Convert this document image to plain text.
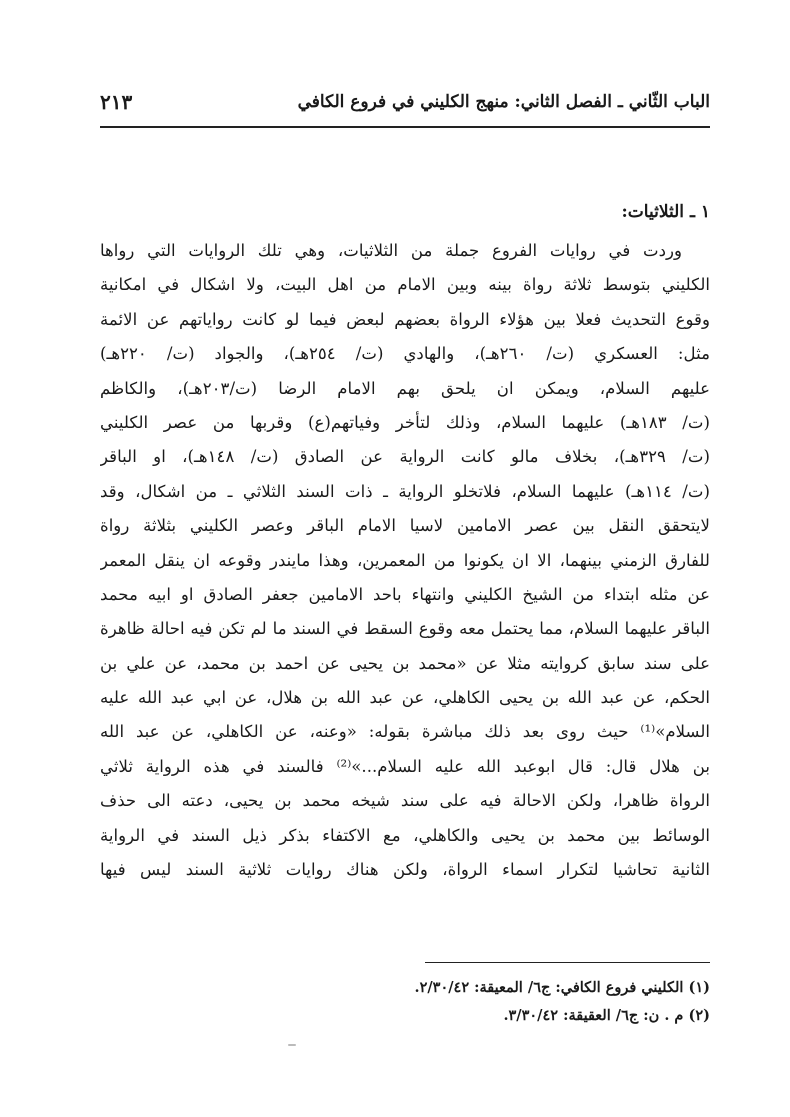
الباب الثّاني ـ الفصل الثاني: منهج الكليني في فروع الكافي
٢١٣
١ ـ الثلاثيات:
وردت في روايات الفروع جملة من الثلاثيات، وهي تلك الروايات التي رواها
الكليني بتوسط ثلاثة رواة بينه وبين الامام من اهل البيت، ولا اشكال في امكانية
وقوع التحديث فعلا بين هؤلاء الرواة بعضهم لبعض فيما لو كانت رواياتهم عن الائمة
مثل: العسكري (ت/ ٢٦٠هـ)، والهادي (ت/ ٢٥٤هـ)، والجواد (ت/ ٢٢٠هـ)
عليهم السلام، ويمكن ان يلحق بهم الامام الرضا (ت/٢٠٣هـ)، والكاظم
(ت/ ١٨٣هـ) عليهما السلام، وذلك لتأخر وفياتهم(ع) وقربها من عصر الكليني
(ت/ ٣٢٩هـ)، بخلاف مالو كانت الرواية عن الصادق (ت/ ١٤٨هـ)، او الباقر
(ت/ ١١٤هـ) عليهما السلام، فلاتخلو الرواية ـ ذات السند الثلاثي ـ من اشكال، وقد
لايتحقق النقل بين عصر الامامين لاسيا الامام الباقر وعصر الكليني بثلاثة رواة
للفارق الزمني بينهما، الا ان يكونوا من المعمرين، وهذا مايندر وقوعه ان ينقل المعمر
عن مثله ابتداء من الشيخ الكليني وانتهاء باحد الامامين جعفر الصادق او ابيه محمد
الباقر عليهما السلام، مما يحتمل معه وقوع السقط في السند ما لم تكن فيه احالة ظاهرة
على سند سابق كروايته مثلا عن «محمد بن يحيى عن احمد بن محمد، عن علي بن
الحكم، عن عبد الله بن يحيى الكاهلي، عن عبد الله بن هلال، عن ابي عبد الله عليه
السلام»⁽¹⁾ حيث روى بعد ذلك مباشرة بقوله: «وعنه، عن الكاهلي، عن عبد الله
بن هلال قال: قال ابوعبد الله عليه السلام...»⁽²⁾ فالسند في هذه الرواية ثلاثي
الرواة ظاهرا، ولكن الاحالة فيه على سند شيخه محمد بن يحيى، دعته الى حذف
الوسائط بين محمد بن يحيى والكاهلي، مع الاكتفاء بذكر ذيل السند في الرواية
الثانية تحاشيا لتكرار اسماء الرواة، ولكن هناك روايات ثلاثية السند ليس فيها
(١) الكليني فروع الكافي: ج٦/ المعيقة: ٢/٣٠/٤٢.
(٢) م . ن: ج٦/ العقيقة: ٣/٣٠/٤٢.
